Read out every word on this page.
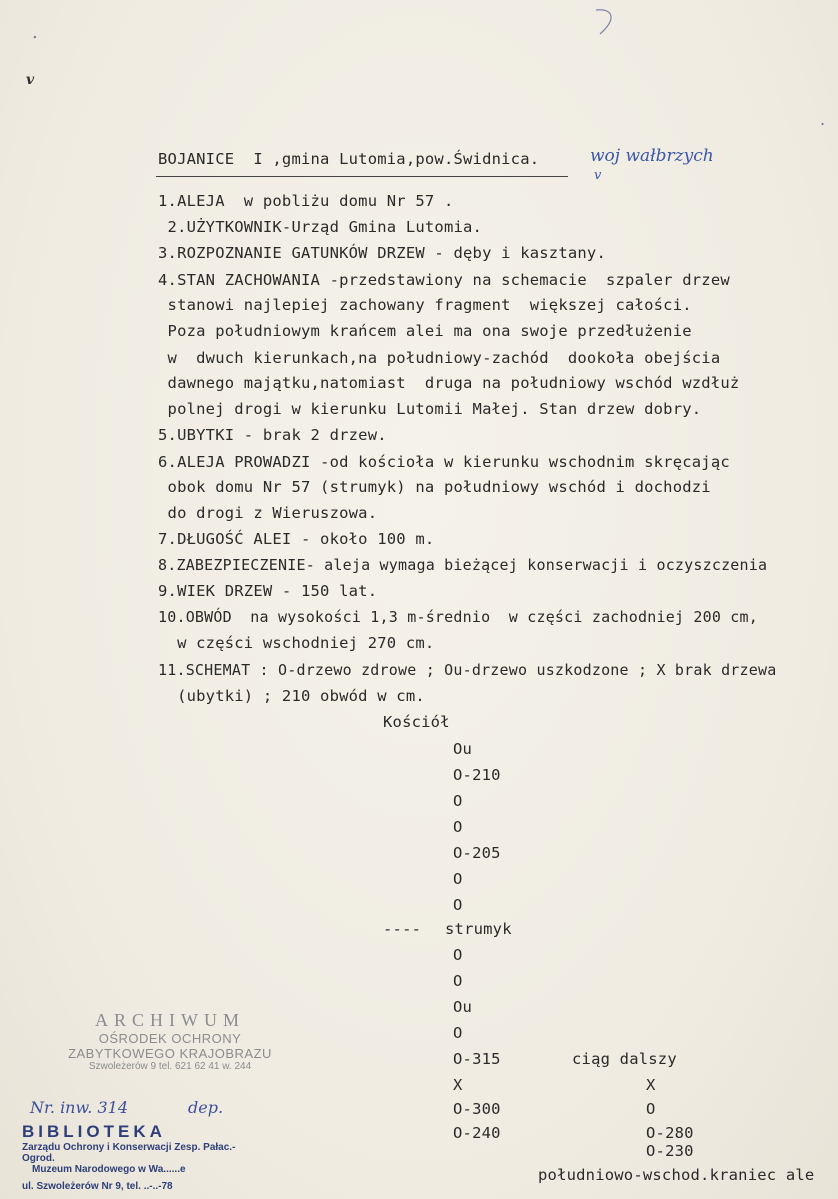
.
v
.
BOJANICE  I ,gmina Lutomia,pow.Świdnica.	woj wałbrzych
v
1.ALEJA  w pobliżu domu Nr 57 .
2.UŻYTKOWNIK-Urząd Gmina Lutomia.
3.ROZPOZNANIE GATUNKÓW DRZEW - dęby i kasztany.
4.STAN ZACHOWANIA -przedstawiony na schemacie  szpaler drzew
stanowi najlepiej zachowany fragment  większej całości.
Poza południowym krańcem alei ma ona swoje przedłużenie
w  dwuch kierunkach,na południowy-zachód  dookoła obejścia
dawnego majątku,natomiast  druga na południowy wschód wzdłuż
polnej drogi w kierunku Lutomii Małej. Stan drzew dobry.
5.UBYTKI - brak 2 drzew.
6.ALEJA PROWADZI -od kościoła w kierunku wschodnim skręcając
obok domu Nr 57 (strumyk) na południowy wschód i dochodzi
do drogi z Wieruszowa.
7.DŁUGOŚĆ ALEI - około 100 m.
8.ZABEZPIECZENIE- aleja wymaga bieżącej konserwacji i oczyszczenia
9.WIEK DRZEW - 150 lat.
10.OBWÓD  na wysokości 1,3 m-średnio  w części zachodniej 200 cm,
w części wschodniej 270 cm.
11.SCHEMAT : O-drzewo zdrowe ; Ou-drzewo uszkodzone ; X brak drzewa
(ubytki) ; 210 obwód w cm.
Kościół
Ou
O-210
O
O
O-205
O
O
---- strumyk
O
O
Ou
O
O-315
X
O-300
O-240
ciąg dalszy
X
O
O-280
O-230
południowo-wschod.kraniec ale
ARCHIWUM
OŚRODEK OCHRONY
ZABYTKOWEGO KRAJOBRAZU
Szwoleżerów 9 tel. 621 62 41 w. 244
Nr. inw. 314	dep.
BIBLIOTEKA
Zarządu Ochrony i Konserwacji Zesp. Pałac.-Ogrod.
Muzeum Narodowego w Wa......e
ul. Szwoleżerów Nr 9, tel. ..-..-78
